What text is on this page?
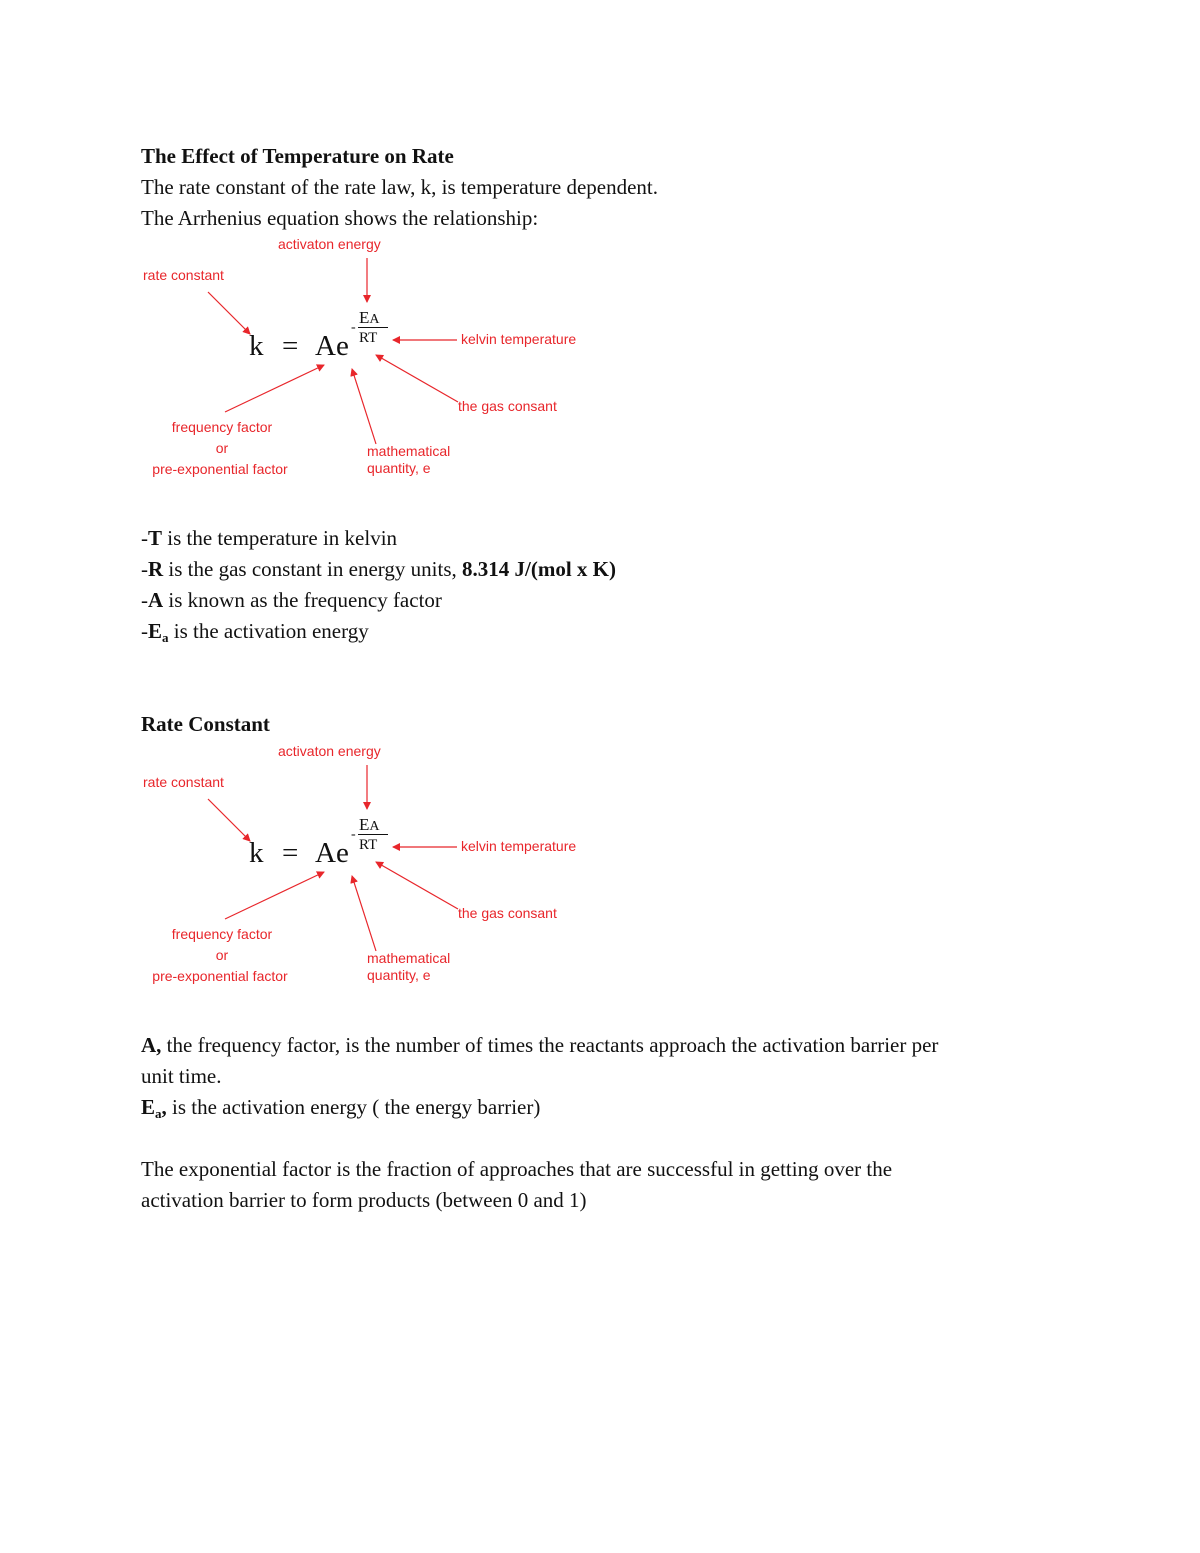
The Effect of Temperature on Rate
The rate constant of the rate law, k, is temperature dependent.
The Arrhenius equation shows the relationship:
activaton energy
rate constant
kelvin temperature
the gas consant
frequency factor
or
pre-exponential factor
mathematical
quantity, e
k = Ae
-
EA
RT
-T is the temperature in kelvin
-R is the gas constant in energy units, 8.314 J/(mol x K)
-A is known as the frequency factor
$-E_a$ is the activation energy
Rate Constant
activaton energy
rate constant
kelvin temperature
the gas consant
frequency factor
or
pre-exponential factor
mathematical
quantity, e
k = Ae
-
EA
RT
A, the frequency factor, is the number of times the reactants approach the activation barrier per
unit time.
$E_a$, is the activation energy ( the energy barrier)
The exponential factor is the fraction of approaches that are successful in getting over the
activation barrier to form products (between 0 and 1)
